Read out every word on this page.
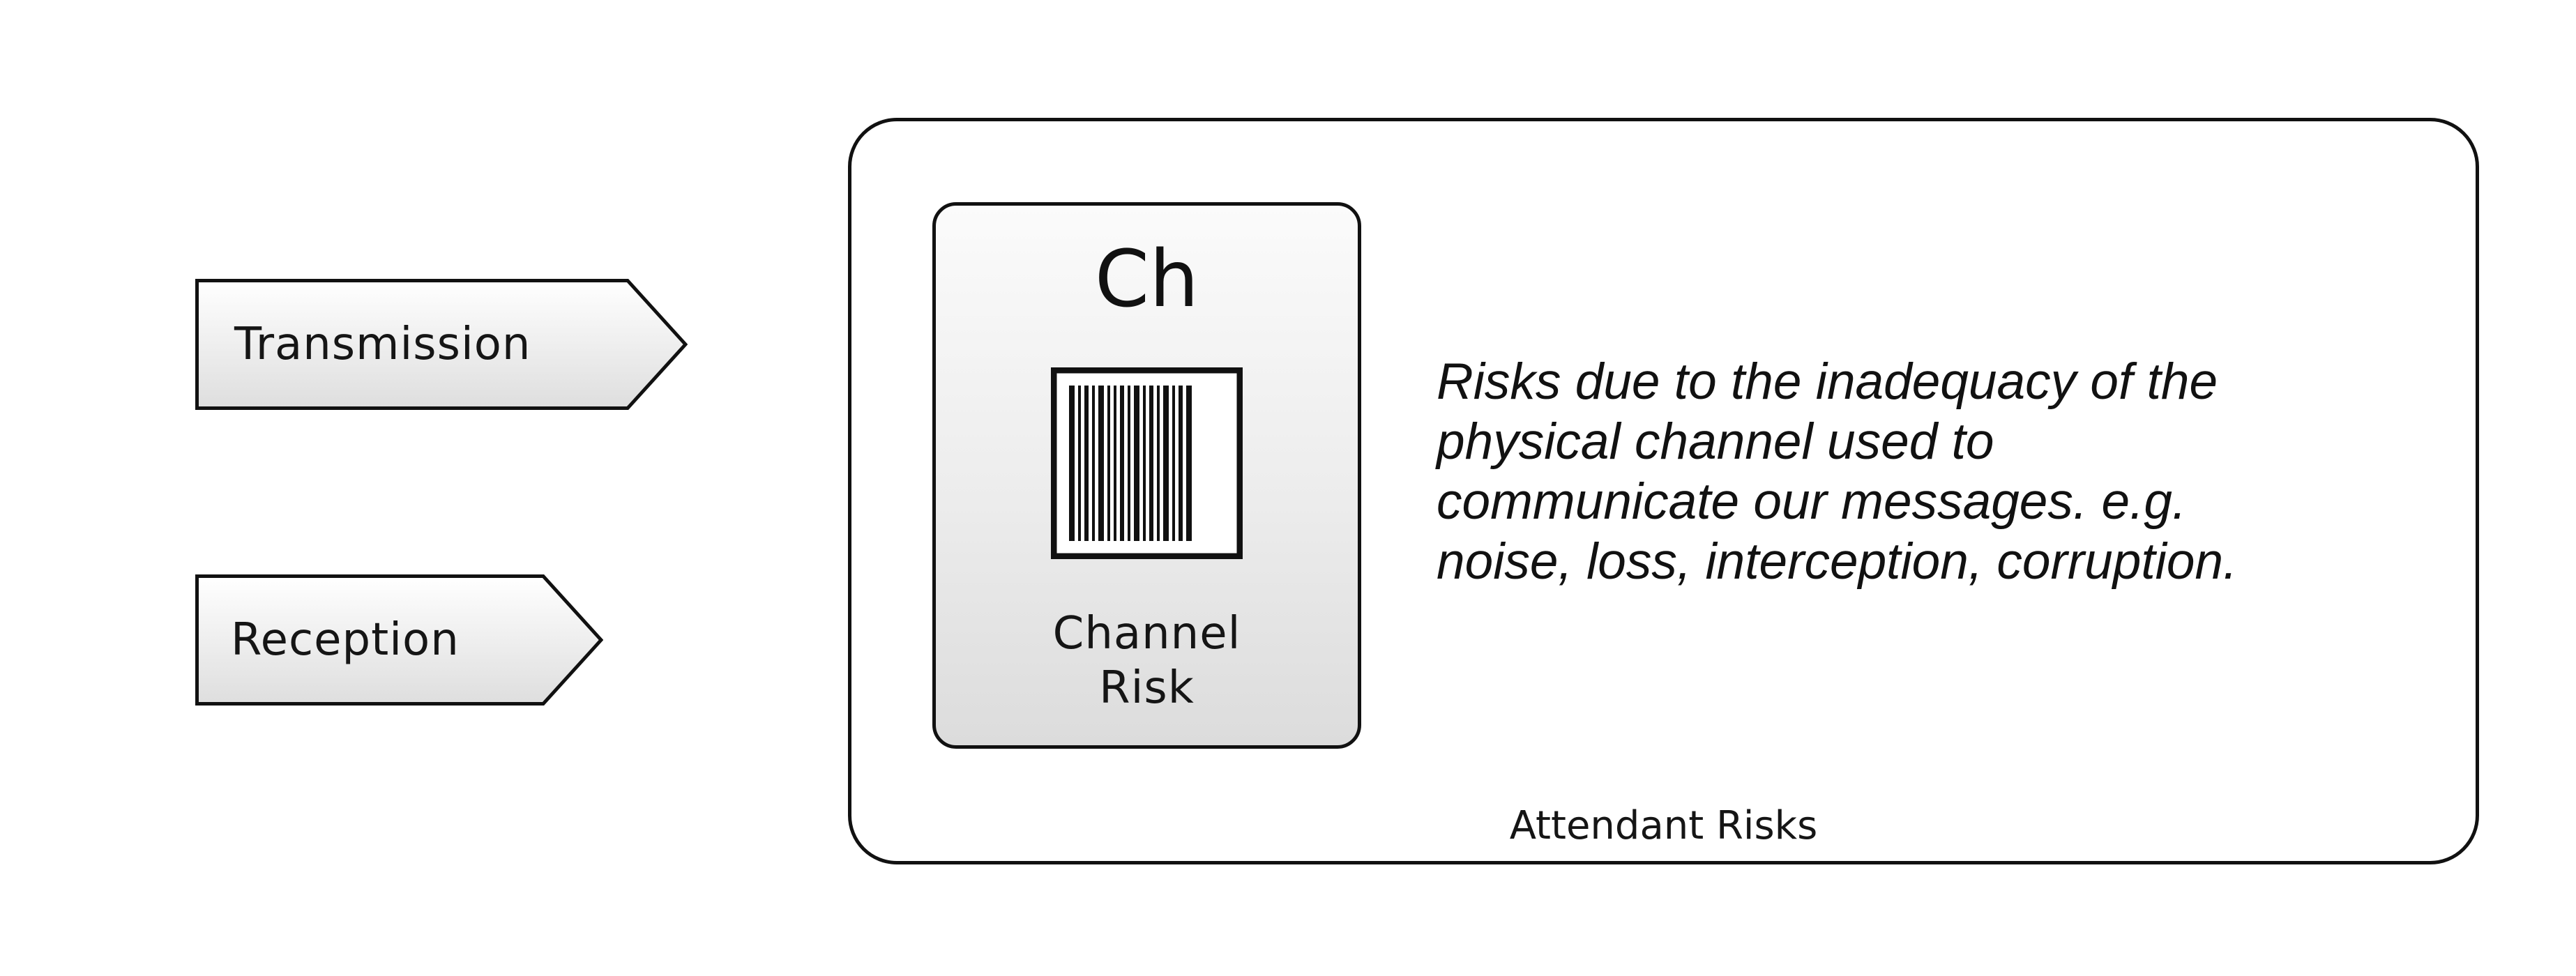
Transmission
Reception
Attendant Risks
Ch
Channel
Risk
Risks due to the inadequacy of the
physical channel used to
communicate our messages. e.g.
noise, loss, interception, corruption.
